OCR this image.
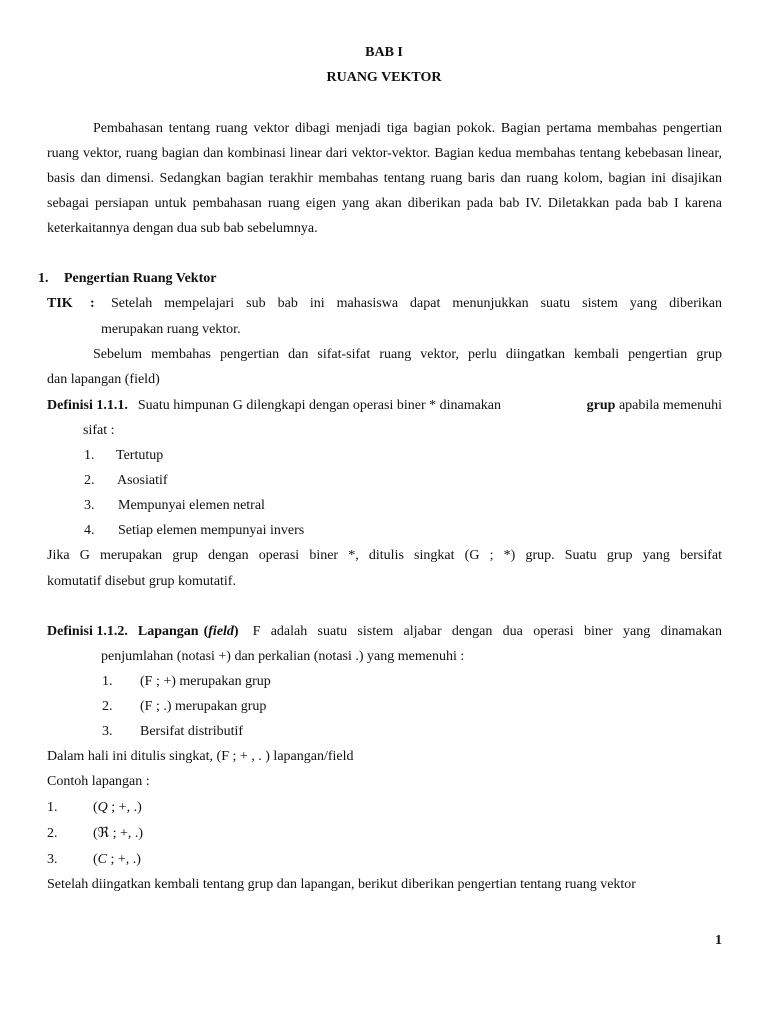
BAB I
RUANG VEKTOR
Pembahasan tentang ruang vektor dibagi menjadi tiga bagian pokok. Bagian pertama membahas pengertian ruang vektor, ruang bagian dan kombinasi linear dari vektor-vektor. Bagian kedua membahas tentang kebebasan linear, basis dan dimensi. Sedangkan bagian terakhir membahas tentang ruang baris dan ruang kolom, bagian ini disajikan sebagai persiapan untuk pembahasan ruang eigen yang akan diberikan pada bab IV. Diletakkan pada bab I karena keterkaitannya dengan dua sub bab sebelumnya.
1. Pengertian Ruang Vektor
TIK : Setelah mempelajari sub bab ini mahasiswa dapat menunjukkan suatu sistem yang diberikan
merupakan ruang vektor.
Sebelum membahas pengertian dan sifat-sifat ruang vektor, perlu diingatkan kembali pengertian grup
dan lapangan (field)
Definisi 1.1.1. Suatu himpunan G dilengkapi dengan operasi biner * dinamakan	grup apabila memenuhi
sifat :
1. Tertutup
2. Asosiatif
3. Mempunyai elemen netral
4. Setiap elemen mempunyai invers
Jika G merupakan grup dengan operasi biner *, ditulis singkat (G ; *) grup. Suatu grup yang bersifat
komutatif disebut grup komutatif.
Definisi 1.1.2. Lapangan ( field ) F adalah suatu sistem aljabar dengan dua operasi biner yang dinamakan
penjumlahan (notasi +) dan perkalian (notasi .) yang memenuhi :
1. (F ; +) merupakan grup
2. (F ; .) merupakan grup
3. Bersifat distributif
Dalam hali ini ditulis singkat, (F ; + , . ) lapangan/field
Contoh lapangan :
1.	(Q ; +, .)
2.	(ℜ ; +, .)
3.	(C ; +, .)
Setelah diingatkan kembali tentang grup dan lapangan, berikut diberikan pengertian tentang ruang vektor
1
